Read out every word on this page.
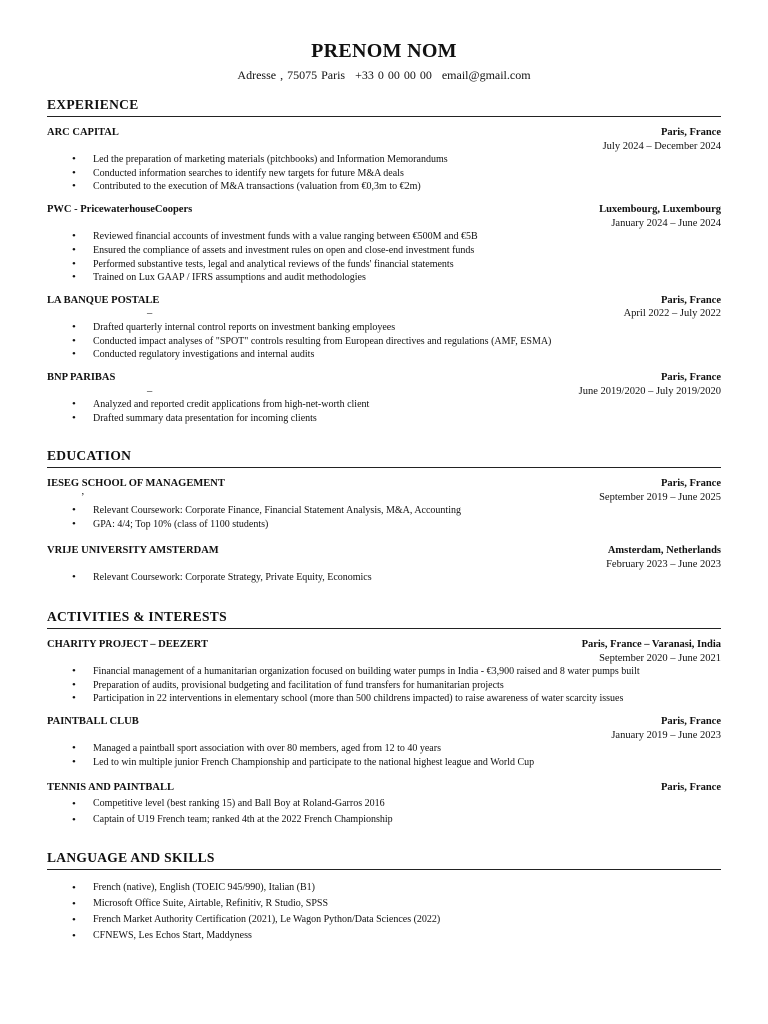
PRENOM NOM
Adresse , 75075 Paris +33 0 00 00 00 email@gmail.com
EXPERIENCE
ARC CAPITAL	Paris, France
July 2024 – December 2024
• Led the preparation of marketing materials (pitchbooks) and Information Memorandums
• Conducted information searches to identify new targets for future M&A deals
• Contributed to the execution of M&A transactions (valuation from €0,3m to €2m)
PWC - PricewaterhouseCoopers	Luxembourg, Luxembourg
January 2024 – June 2024
• Reviewed financial accounts of investment funds with a value ranging between €500M and €5B
• Ensured the compliance of assets and investment rules on open and close-end investment funds
• Performed substantive tests, legal and analytical reviews of the funds' financial statements
• Trained on Lux GAAP / IFRS assumptions and audit methodologies
LA BANQUE POSTALE	Paris, France
–	April 2022 – July 2022
• Drafted quarterly internal control reports on investment banking employees
• Conducted impact analyses of "SPOT" controls resulting from European directives and regulations (AMF, ESMA)
• Conducted regulatory investigations and internal audits
BNP PARIBAS	Paris, France
–	June 2019/2020 – July 2019/2020
• Analyzed and reported credit applications from high-net-worth client
• Drafted summary data presentation for incoming clients
EDUCATION
IESEG SCHOOL OF MANAGEMENT	Paris, France
’	September 2019 – June 2025
• Relevant Coursework: Corporate Finance, Financial Statement Analysis, M&A, Accounting
• GPA: 4/4; Top 10% (class of 1100 students)
VRIJE UNIVERSITY AMSTERDAM	Amsterdam, Netherlands
February 2023 – June 2023
• Relevant Coursework: Corporate Strategy, Private Equity, Economics
ACTIVITIES & INTERESTS
CHARITY PROJECT – DEEZERT	Paris, France – Varanasi, India
September 2020 – June 2021
• Financial management of a humanitarian organization focused on building water pumps in India - €3,900 raised and 8 water pumps built
• Preparation of audits, provisional budgeting and facilitation of fund transfers for humanitarian projects
• Participation in 22 interventions in elementary school (more than 500 childrens impacted) to raise awareness of water scarcity issues
PAINTBALL CLUB	Paris, France
January 2019 – June 2023
• Managed a paintball sport association with over 80 members, aged from 12 to 40 years
• Led to win multiple junior French Championship and participate to the national highest league and World Cup
TENNIS AND PAINTBALL	Paris, France
• Competitive level (best ranking 15) and Ball Boy at Roland-Garros 2016
• Captain of U19 French team; ranked 4th at the 2022 French Championship
LANGUAGE AND SKILLS
• French (native), English (TOEIC 945/990), Italian (B1)
• Microsoft Office Suite, Airtable, Refinitiv, R Studio, SPSS
• French Market Authority Certification (2021), Le Wagon Python/Data Sciences (2022)
• CFNEWS, Les Echos Start, Maddyness
